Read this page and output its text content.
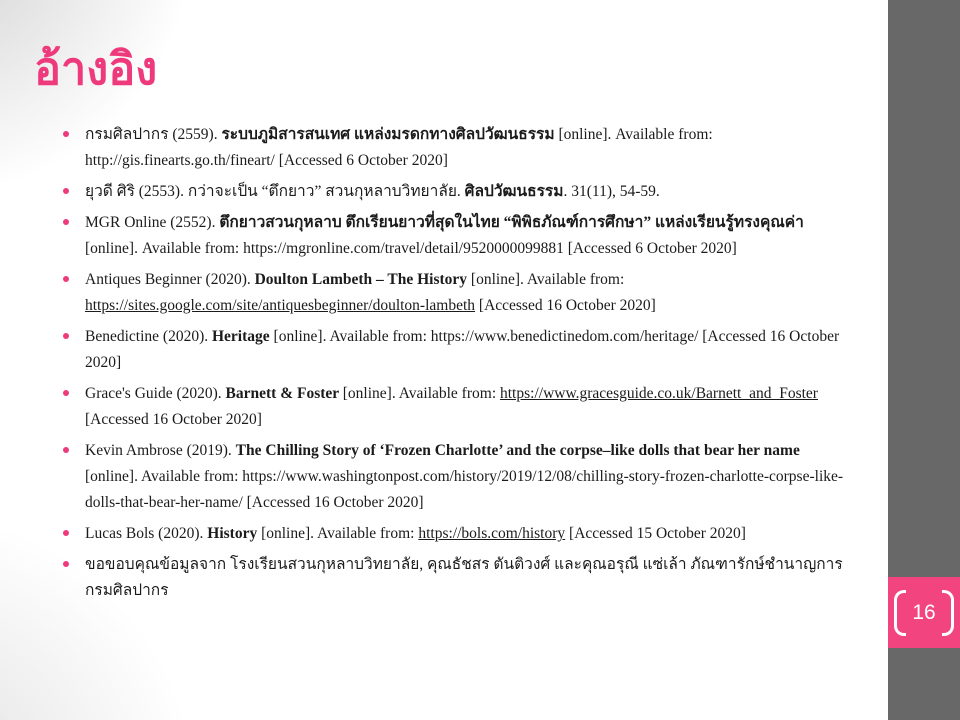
16
อ้างอิง
กรมศิลปากร (2559). ระบบภูมิสารสนเทศ แหล่งมรดกทางศิลปวัฒนธรรม [online]. Available from: http://gis.finearts.go.th/fineart/ [Accessed 6 October 2020]
ยุวดี ศิริ (2553). กว่าจะเป็น “ตึกยาว” สวนกุหลาบวิทยาลัย. ศิลปวัฒนธรรม. 31(11), 54-59.
MGR Online (2552). ตึกยาวสวนกุหลาบ ตึกเรียนยาวที่สุดในไทย “พิพิธภัณฑ์การศึกษา” แหล่งเรียนรู้ทรงคุณค่า [online]. Available from: https://mgronline.com/travel/detail/9520000099881 [Accessed 6 October 2020]
Antiques Beginner (2020). Doulton Lambeth – The History [online]. Available from: https://sites.google.com/site/antiquesbeginner/doulton-lambeth [Accessed 16 October 2020]
Benedictine (2020). Heritage [online]. Available from: https://www.benedictinedom.com/heritage/ [Accessed 16 October 2020]
Grace's Guide (2020). Barnett & Foster [online]. Available from: https://www.gracesguide.co.uk/Barnett_and_Foster [Accessed 16 October 2020]
Kevin Ambrose (2019). The Chilling Story of ‘Frozen Charlotte’ and the corpse–like dolls that bear her name [online]. Available from: https://www.washingtonpost.com/history/2019/12/08/chilling-story-frozen-charlotte-corpse-like-dolls-that-bear-her-name/ [Accessed 16 October 2020]
Lucas Bols (2020). History [online]. Available from: https://bols.com/history [Accessed 15 October 2020]
ขอขอบคุณข้อมูลจาก โรงเรียนสวนกุหลาบวิทยาลัย, คุณธัชสร ตันติวงศ์ และคุณอรุณี แซ่เล้า ภัณฑารักษ์ชำนาญการ กรมศิลปากร
